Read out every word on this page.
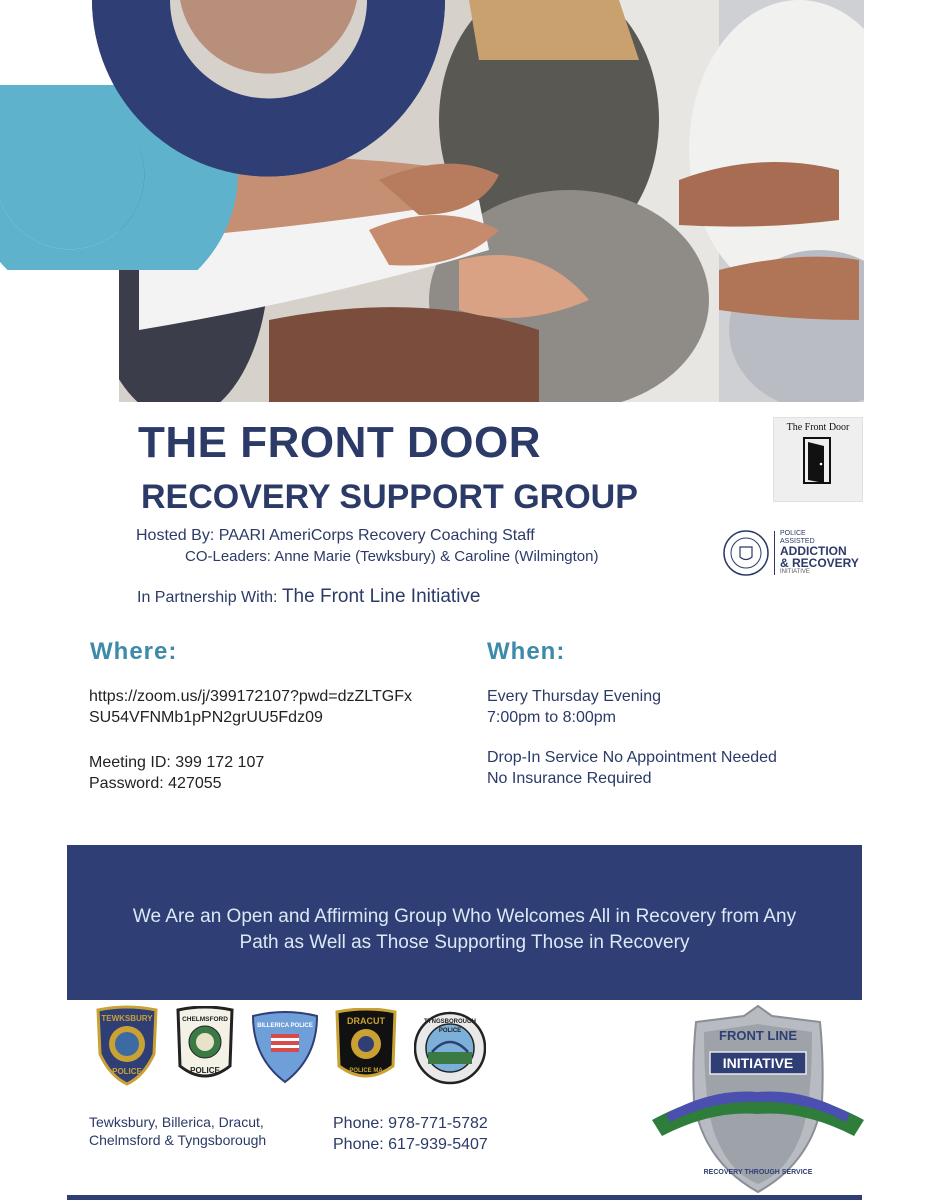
THE FRONT DOOR
RECOVERY SUPPORT GROUP
Hosted By: PAARI AmeriCorps Recovery Coaching Staff
CO-Leaders: Anne Marie (Tewksbury) & Caroline (Wilmington)
In Partnership With: The Front Line Initiative
The Front Door
POLICE
ASSISTED
ADDICTION
& RECOVERY
INITIATIVE
Where:
https://zoom.us/j/399172107?pwd=dzZLTGFx
SU54VFNMb1pPN2grUU5Fdz09
Meeting ID: 399 172 107
Password: 427055
When:
Every Thursday Evening
7:00pm to 8:00pm
Drop-In Service No Appointment Needed
No Insurance Required
We Are an Open and Affirming Group Who Welcomes All in Recovery from Any
Path as Well as Those Supporting Those in Recovery
TEWKSBURY
POLICE
CHELMSFORD
POLICE
BILLERICA POLICE	DRACUT
POLICE MA
TYNGSBOROUGH
POLICE
Tewksbury, Billerica, Dracut,
Chelmsford & Tyngsborough
Phone: 978-771-5782
Phone: 617-939-5407
FRONT LINE
INITIATIVE
RECOVERY THROUGH SERVICE
